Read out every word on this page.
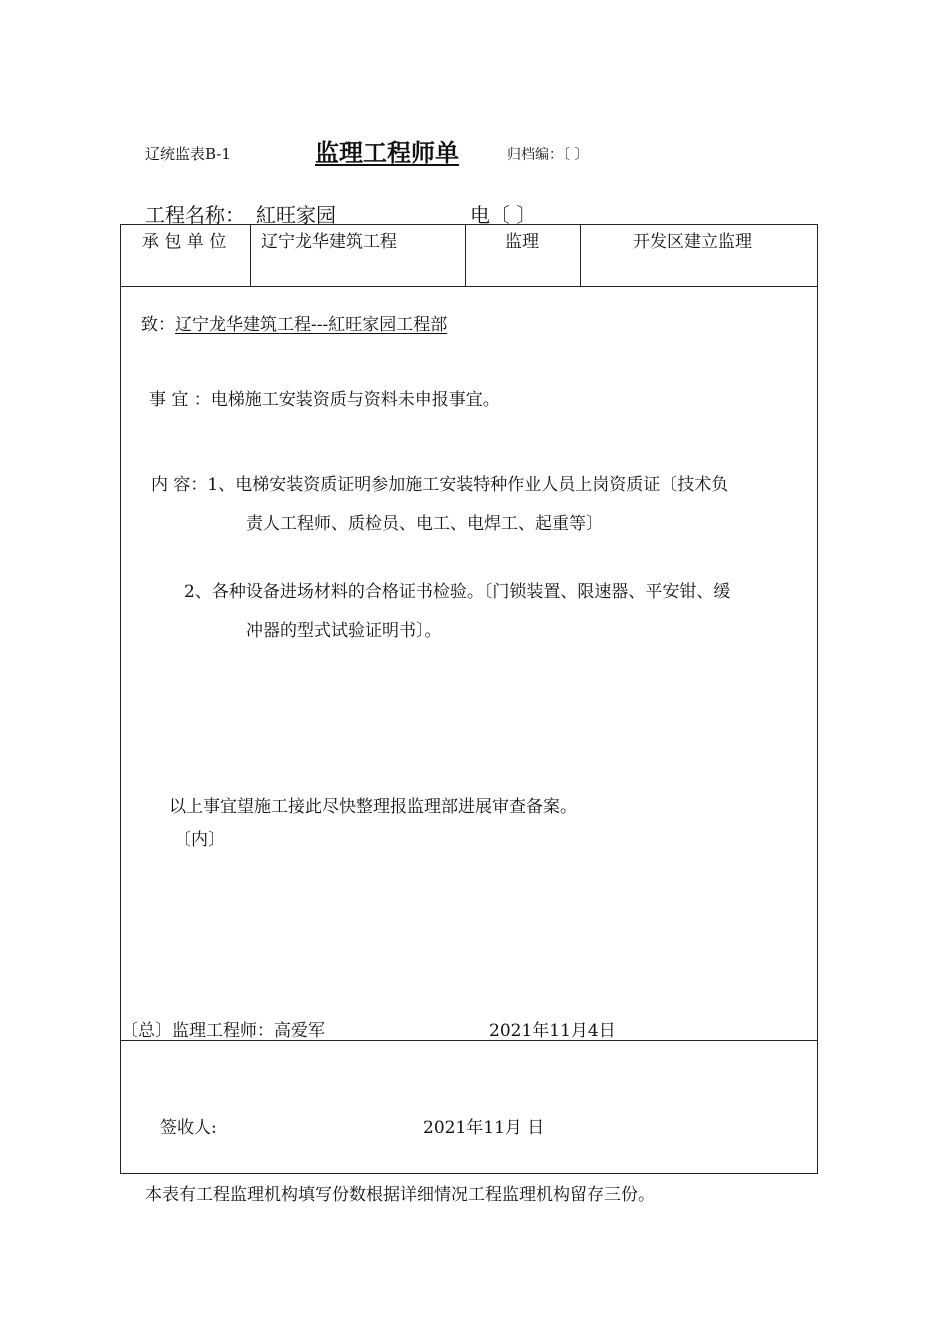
辽统监表B-1	监理工程师单	归档编：〔 〕
工程名称： 紅旺家园	电〔 〕
承 包 单 位 辽宁龙华建筑工程	监理	开发区建立监理
致：辽宁龙华建筑工程---紅旺家园工程部
事 宜 ：电梯施工安装资质与资料未申报事宜。
内 容：1、电梯安装资质证明参加施工安装特种作业人员上岗资质证〔技术负
责人工程师、质检员、电工、电焊工、起重等〕
2、各种设备进场材料的合格证书检验。〔门锁装置、限速器、平安钳、缓
冲器的型式试验证明书〕。
以上事宜望施工接此尽快整理报监理部进展审查备案。
〔内〕
〔总〕监理工程师：高爱军	2021年11月4日
签收人:	2021年11月 日
本表有工程监理机构填写份数根据详细情况工程监理机构留存三份。
